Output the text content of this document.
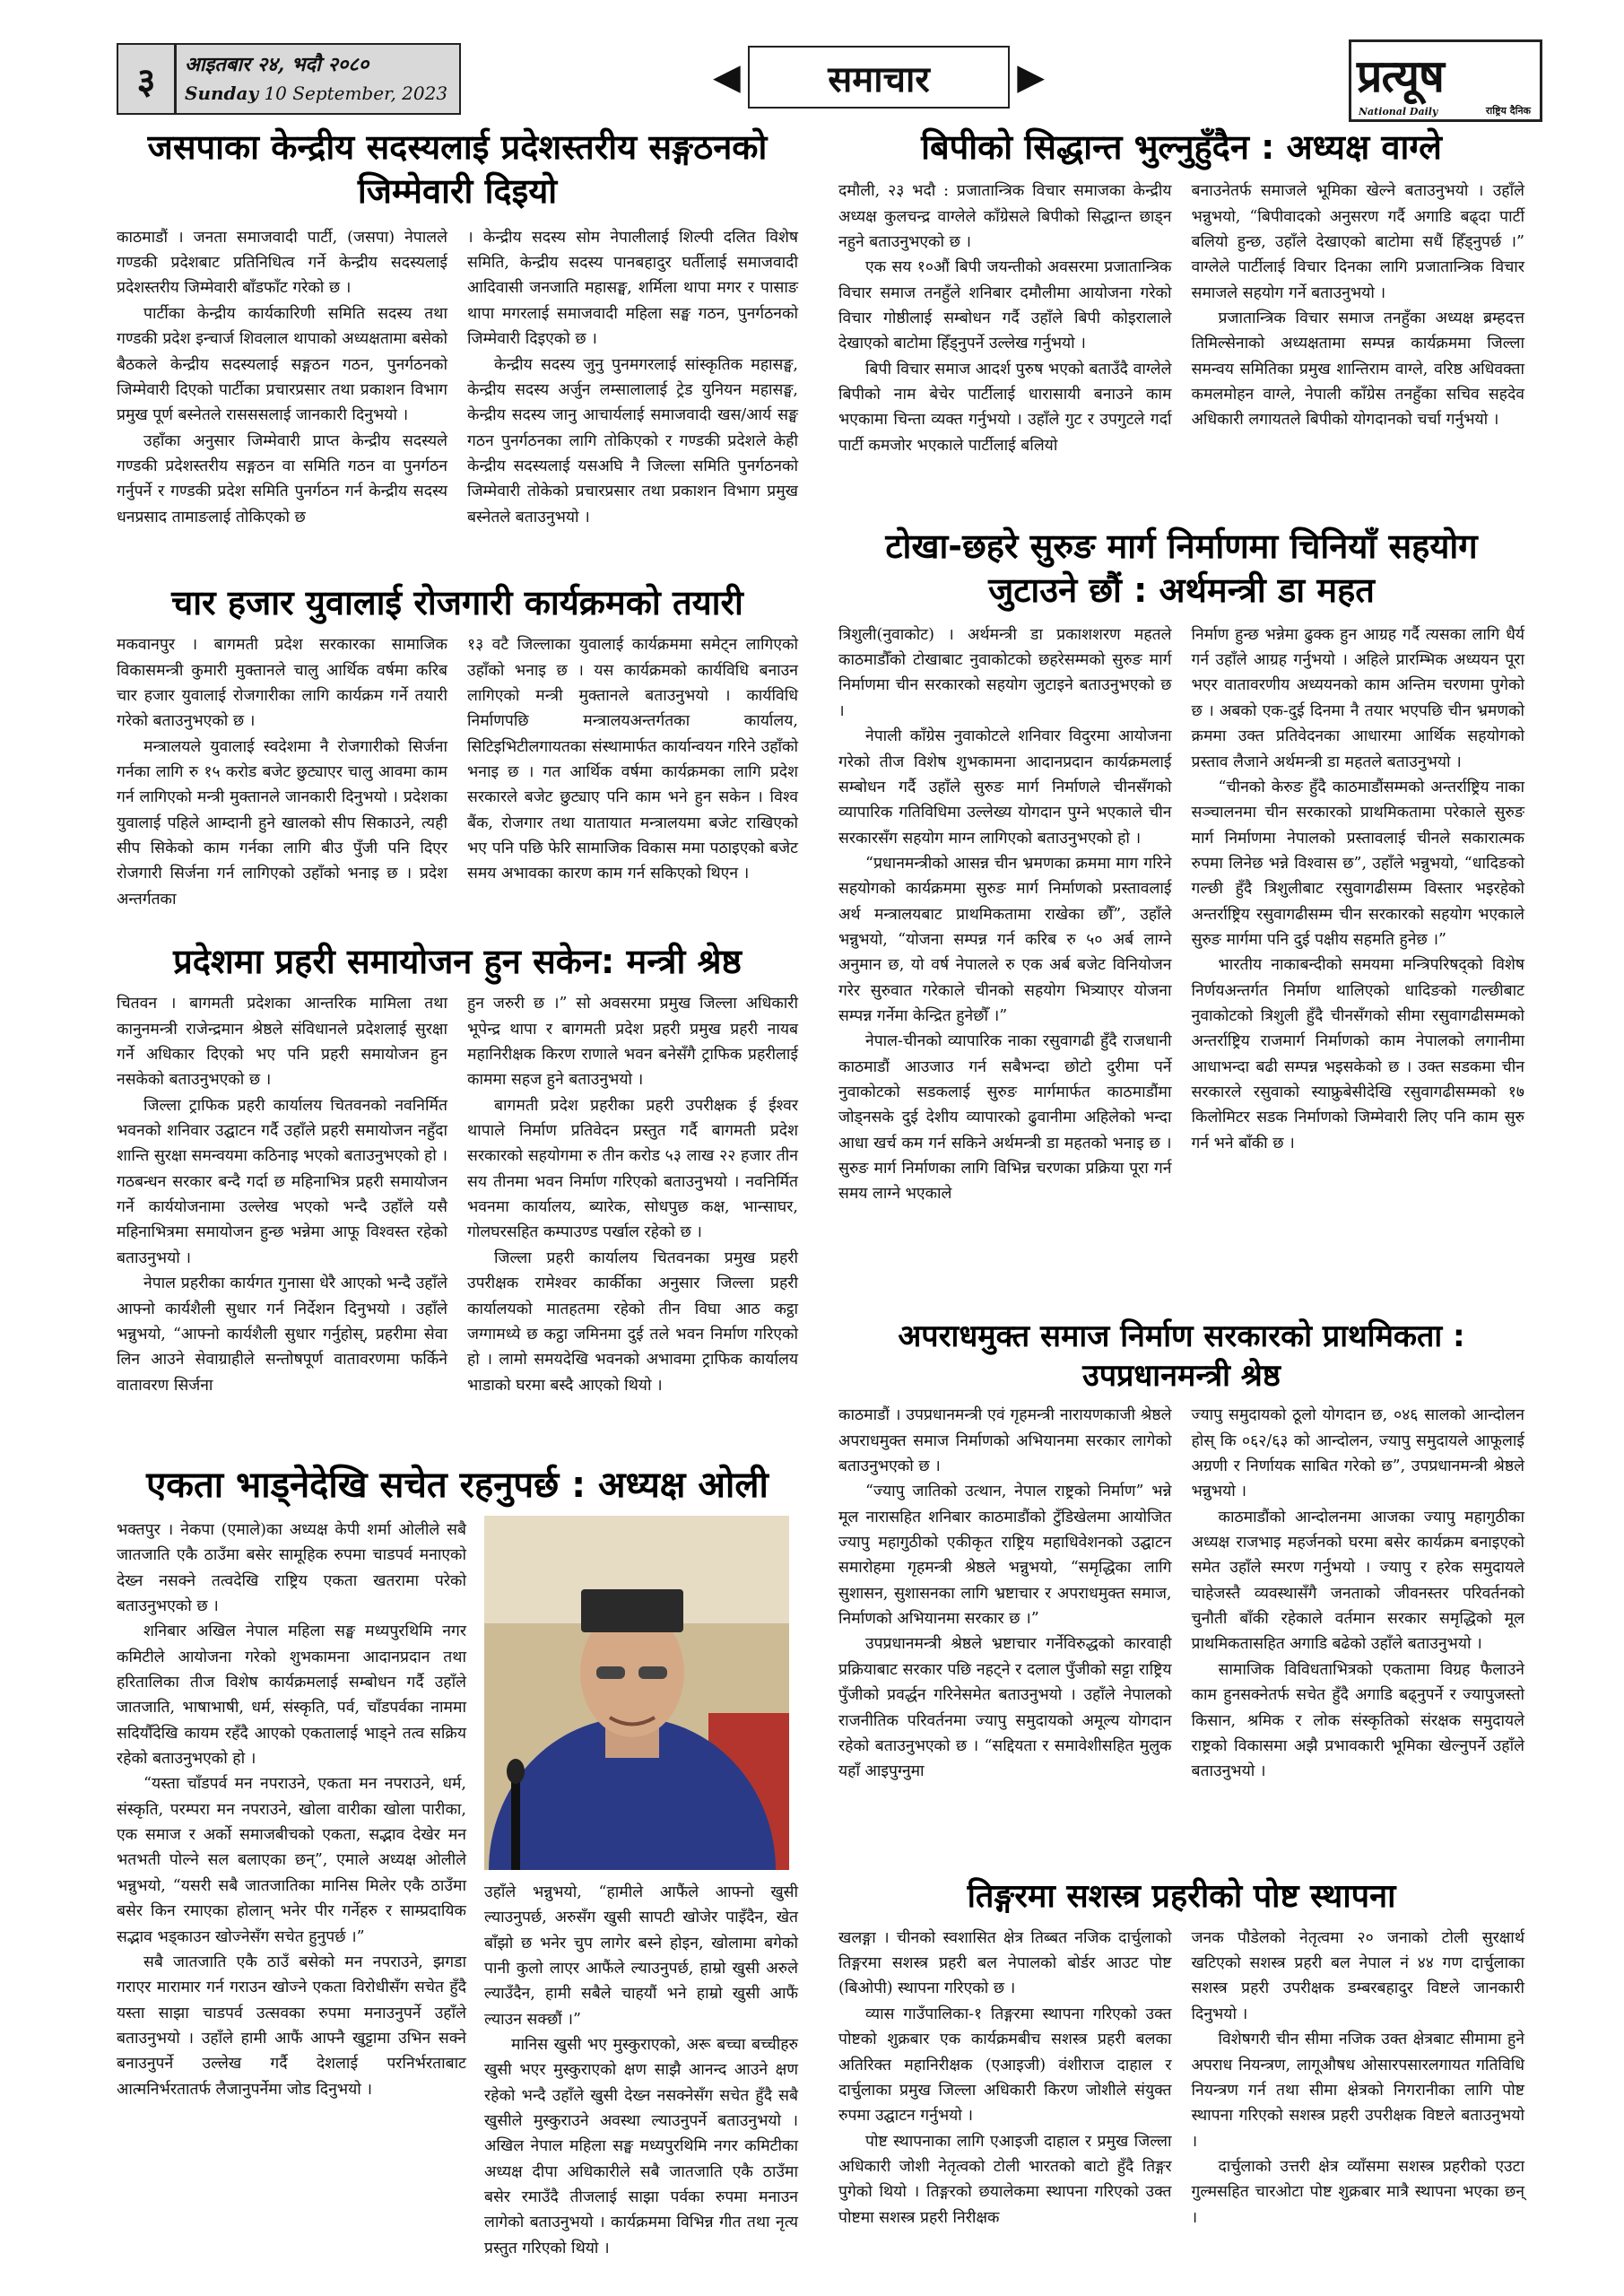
३	आइतबार २४, भदौ २०८०
Sunday 10 September, 2023	◀	समाचार	▶	प्रत्यूष
National Daily	राष्ट्रिय दैनिक
जसपाका केन्द्रीय सदस्यलाई प्रदेशस्तरीय सङ्गठनको
जिम्मेवारी दिइयो

काठमाडौं । जनता समाजवादी पार्टी, (जसपा) नेपालले गण्डकी प्रदेशबाट प्रतिनिधित्व गर्ने केन्द्रीय सदस्यलाई प्रदेशस्तरीय जिम्मेवारी बाँडफाँट गरेको छ ।

पार्टीका केन्द्रीय कार्यकारिणी समिति सदस्य तथा गण्डकी प्रदेश इन्चार्ज शिवलाल थापाको अध्यक्षतामा बसेको बैठकले केन्द्रीय सदस्यलाई सङ्गठन गठन, पुनर्गठनको जिम्मेवारी दिएको पार्टीका प्रचारप्रसार तथा प्रकाशन विभाग प्रमुख पूर्ण बस्नेतले रासससलाई जानकारी दिनुभयो ।

उहाँका अनुसार जिम्मेवारी प्राप्त केन्द्रीय सदस्यले गण्डकी प्रदेशस्तरीय सङ्गठन वा समिति गठन वा पुनर्गठन गर्नुपर्ने र गण्डकी प्रदेश समिति पुनर्गठन गर्न केन्द्रीय सदस्य धनप्रसाद तामाङलाई तोकिएको छ

। केन्द्रीय सदस्य सोम नेपालीलाई शिल्पी दलित विशेष समिति, केन्द्रीय सदस्य पानबहादुर घर्तीलाई समाजवादी आदिवासी जनजाति महासङ्घ, शर्मिला थापा मगर र पासाङ थापा मगरलाई समाजवादी महिला सङ्घ गठन, पुनर्गठनको जिम्मेवारी दिइएको छ ।

केन्द्रीय सदस्य जुनु पुनमगरलाई सांस्कृतिक महासङ्घ, केन्द्रीय सदस्य अर्जुन लम्सालालाई ट्रेड युनियन महासङ्घ, केन्द्रीय सदस्य जानु आचार्यलाई समाजवादी खस/आर्य सङ्घ गठन पुनर्गठनका लागि तोकिएको र गण्डकी प्रदेशले केही केन्द्रीय सदस्यलाई यसअघि नै जिल्ला समिति पुनर्गठनको जिम्मेवारी तोकेको प्रचारप्रसार तथा प्रकाशन विभाग प्रमुख बस्नेतले बताउनुभयो ।

चार हजार युवालाई रोजगारी कार्यक्रमको तयारी

मकवानपुर । बागमती प्रदेश सरकारका सामाजिक विकासमन्त्री कुमारी मुक्तानले चालु आर्थिक वर्षमा करिब चार हजार युवालाई रोजगारीका लागि कार्यक्रम गर्ने तयारी गरेको बताउनुभएको छ ।

मन्त्रालयले युवालाई स्वदेशमा नै रोजगारीको सिर्जना गर्नका लागि रु १५ करोड बजेट छुट्याएर चालु आवमा काम गर्न लागिएको मन्त्री मुक्तानले जानकारी दिनुभयो । प्रदेशका युवालाई पहिले आम्दानी हुने खालको सीप सिकाउने, त्यही सीप सिकेको काम गर्नका लागि बीउ पुँजी पनि दिएर रोजगारी सिर्जना गर्न लागिएको उहाँको भनाइ छ । प्रदेश अन्तर्गतका

१३ वटै जिल्लाका युवालाई कार्यक्रममा समेट्न लागिएको उहाँको भनाइ छ । यस कार्यक्रमको कार्यविधि बनाउन लागिएको मन्त्री मुक्तानले बताउनुभयो । कार्यविधि निर्माणपछि मन्त्रालयअन्तर्गतका कार्यालय, सिटिइभिटीलगायतका संस्थामार्फत कार्यान्वयन गरिने उहाँको भनाइ छ । गत आर्थिक वर्षमा कार्यक्रमका लागि प्रदेश सरकारले बजेट छुट्याए पनि काम भने हुन सकेन । विश्व बैंक, रोजगार तथा यातायात मन्त्रालयमा बजेट राखिएको भए पनि पछि फेरि सामाजिक विकास ममा पठाइएको बजेट समय अभावका कारण काम गर्न सकिएको थिएन ।

प्रदेशमा प्रहरी समायोजन हुन सकेन: मन्त्री श्रेष्ठ

चितवन । बागमती प्रदेशका आन्तरिक मामिला तथा कानुनमन्त्री राजेन्द्रमान श्रेष्ठले संविधानले प्रदेशलाई सुरक्षा गर्ने अधिकार दिएको भए पनि प्रहरी समायोजन हुन नसकेको बताउनुभएको छ ।

जिल्ला ट्राफिक प्रहरी कार्यालय चितवनको नवनिर्मित भवनको शनिवार उद्घाटन गर्दै उहाँले प्रहरी समायोजन नहुँदा शान्ति सुरक्षा समन्वयमा कठिनाइ भएको बताउनुभएको हो । गठबन्धन सरकार बन्दै गर्दा छ महिनाभित्र प्रहरी समायोजन गर्ने कार्ययोजनामा उल्लेख भएको भन्दै उहाँले यसै महिनाभित्रमा समायोजन हुन्छ भन्नेमा आफू विश्वस्त रहेको बताउनुभयो ।

नेपाल प्रहरीका कार्यगत गुनासा धेरै आएको भन्दै उहाँले आफ्नो कार्यशैली सुधार गर्न निर्देशन दिनुभयो । उहाँले भन्नुभयो, “आफ्नो कार्यशैली सुधार गर्नुहोस्, प्रहरीमा सेवा लिन आउने सेवाग्राहीले सन्तोषपूर्ण वातावरणमा फर्किने वातावरण सिर्जना

हुन जरुरी छ ।” सो अवसरमा प्रमुख जिल्ला अधिकारी भूपेन्द्र थापा र बागमती प्रदेश प्रहरी प्रमुख प्रहरी नायब महानिरीक्षक किरण राणाले भवन बनेसँगै ट्राफिक प्रहरीलाई काममा सहज हुने बताउनुभयो ।

बागमती प्रदेश प्रहरीका प्रहरी उपरीक्षक ई ईश्वर थापाले निर्माण प्रतिवेदन प्रस्तुत गर्दै बागमती प्रदेश सरकारको सहयोगमा रु तीन करोड ५३ लाख २२ हजार तीन सय तीनमा भवन निर्माण गरिएको बताउनुभयो । नवनिर्मित भवनमा कार्यालय, ब्यारेक, सोधपुछ कक्ष, भान्साघर, गोलघरसहित कम्पाउण्ड पर्खाल रहेको छ ।

जिल्ला प्रहरी कार्यालय चितवनका प्रमुख प्रहरी उपरीक्षक रामेश्वर कार्कीका अनुसार जिल्ला प्रहरी कार्यालयको मातहतमा रहेको तीन विघा आठ कट्ठा जग्गामध्ये छ कट्ठा जमिनमा दुई तले भवन निर्माण गरिएको हो । लामो समयदेखि भवनको अभावमा ट्राफिक कार्यालय भाडाको घरमा बस्दै आएको थियो ।

एकता भाड्नेदेखि सचेत रहनुपर्छ : अध्यक्ष ओली

भक्तपुर । नेकपा (एमाले)का अध्यक्ष केपी शर्मा ओलीले सबै जातजाति एकै ठाउँमा बसेर सामूहिक रुपमा चाडपर्व मनाएको देख्न नसक्ने तत्वदेखि राष्ट्रिय एकता खतरामा परेको बताउनुभएको छ ।

शनिबार अखिल नेपाल महिला सङ्घ मध्यपुरथिमि नगर कमिटीले आयोजना गरेको शुभकामना आदानप्रदान तथा हरितालिका तीज विशेष कार्यक्रमलाई सम्बोधन गर्दै उहाँले जातजाति, भाषाभाषी, धर्म, संस्कृति, पर्व, चाँडपर्वका नाममा सदियौँदेखि कायम रहँदै आएको एकतालाई भाड्ने तत्व सक्रिय रहेको बताउनुभएको हो ।

“यस्ता चाँडपर्व मन नपराउने, एकता मन नपराउने, धर्म, संस्कृति, परम्परा मन नपराउने, खोला वारीका खोला पारीका, एक समाज र अर्को समाजबीचको एकता, सद्भाव देखेर मन भतभती पोल्ने सल बलाएका छन्”, एमाले अध्यक्ष ओलीले भन्नुभयो, “यसरी सबै जातजातिका मानिस मिलेर एकै ठाउँमा बसेर किन रमाएका होलान् भनेर पीर गर्नेहरु र साम्प्रदायिक सद्भाव भड्काउन खोज्नेसँग सचेत हुनुपर्छ ।”

सबै जातजाति एकै ठाउँ बसेको मन नपराउने, झगडा गराएर मारामार गर्न गराउन खोज्ने एकता विरोधीसँग सचेत हुँदै यस्ता साझा चाडपर्व उत्सवका रुपमा मनाउनुपर्ने उहाँले बताउनुभयो । उहाँले हामी आफैं आफ्नै खुट्टामा उभिन सक्ने बनाउनुपर्ने उल्लेख गर्दै देशलाई परनिर्भरताबाट आत्मनिर्भरतातर्फ लैजानुपर्नेमा जोड दिनुभयो ।

उहाँले भन्नुभयो, “हामीले आफैंले आफ्नो खुसी ल्याउनुपर्छ, अरुसँग खुसी सापटी खोजेर पाइँदैन, खेत बाँझो छ भनेर चुप लागेर बस्ने होइन, खोलामा बगेको पानी कुलो लाएर आफैंले ल्याउनुपर्छ, हाम्रो खुसी अरुले ल्याउँदैन, हामी सबैले चाहयौं भने हाम्रो खुसी आफैं ल्याउन सक्छौं ।”

मानिस खुसी भए मुस्कुराएको, अरू बच्चा बच्चीहरु खुसी भएर मुस्कुराएको क्षण साझै आनन्द आउने क्षण रहेको भन्दै उहाँले खुसी देख्न नसक्नेसँग सचेत हुँदै सबै खुसीले मुस्कुराउने अवस्था ल्याउनुपर्ने बताउनुभयो । अखिल नेपाल महिला सङ्घ मध्यपुरथिमि नगर कमिटीका अध्यक्ष दीपा अधिकारीले सबै जातजाति एकै ठाउँमा बसेर रमाउँदै तीजलाई साझा पर्वका रुपमा मनाउन लागेको बताउनुभयो । कार्यक्रममा विभिन्न गीत तथा नृत्य प्रस्तुत गरिएको थियो ।

बिपीको सिद्धान्त भुल्नुहुँदैन : अध्यक्ष वाग्ले

दमौली, २३ भदौ : प्रजातान्त्रिक विचार समाजका केन्द्रीय अध्यक्ष कुलचन्द्र वाग्लेले काँग्रेसले बिपीको सिद्धान्त छाड्न नहुने बताउनुभएको छ ।

एक सय १०औं बिपी जयन्तीको अवसरमा प्रजातान्त्रिक विचार समाज तनहुँले शनिबार दमौलीमा आयोजना गरेको विचार गोष्ठीलाई सम्बोधन गर्दै उहाँले बिपी कोइरालाले देखाएको बाटोमा हिँड्नुपर्ने उल्लेख गर्नुभयो ।

बिपी विचार समाज आदर्श पुरुष भएको बताउँदै वाग्लेले बिपीको नाम बेचेर पार्टीलाई धारासायी बनाउने काम भएकामा चिन्ता व्यक्त गर्नुभयो । उहाँले गुट र उपगुटले गर्दा पार्टी कमजोर भएकाले पार्टीलाई बलियो

बनाउनेतर्फ समाजले भूमिका खेल्ने बताउनुभयो । उहाँले भन्नुभयो, “बिपीवादको अनुसरण गर्दै अगाडि बढ्दा पार्टी बलियो हुन्छ, उहाँले देखाएको बाटोमा सधैं हिँड्नुपर्छ ।” वाग्लेले पार्टीलाई विचार दिनका लागि प्रजातान्त्रिक विचार समाजले सहयोग गर्ने बताउनुभयो ।

प्रजातान्त्रिक विचार समाज तनहुँका अध्यक्ष ब्रम्हदत्त तिमिल्सेनाको अध्यक्षतामा सम्पन्न कार्यक्रममा जिल्ला समन्वय समितिका प्रमुख शान्तिराम वाग्ले, वरिष्ठ अधिवक्ता कमलमोहन वाग्ले, नेपाली काँग्रेस तनहुँका सचिव सहदेव अधिकारी लगायतले बिपीको योगदानको चर्चा गर्नुभयो ।

टोखा-छहरे सुरुङ मार्ग निर्माणमा चिनियाँ सहयोग
जुटाउने छौं : अर्थमन्त्री डा महत

त्रिशुली(नुवाकोट) । अर्थमन्त्री डा प्रकाशशरण महतले काठमाडौँको टोखाबाट नुवाकोटको छहरेसम्मको सुरुङ मार्ग निर्माणमा चीन सरकारको सहयोग जुटाइने बताउनुभएको छ ।

नेपाली काँग्रेस नुवाकोटले शनिवार विदुरमा आयोजना गरेको तीज विशेष शुभकामना आदानप्रदान कार्यक्रमलाई सम्बोधन गर्दै उहाँले सुरुङ मार्ग निर्माणले चीनसँगको व्यापारिक गतिविधिमा उल्लेख्य योगदान पुग्ने भएकाले चीन सरकारसँग सहयोग माग्न लागिएको बताउनुभएको हो ।

“प्रधानमन्त्रीको आसन्न चीन भ्रमणका क्रममा माग गरिने सहयोगको कार्यक्रममा सुरुङ मार्ग निर्माणको प्रस्तावलाई अर्थ मन्त्रालयबाट प्राथमिकतामा राखेका छौँ”, उहाँले भन्नुभयो, “योजना सम्पन्न गर्न करिब रु ५० अर्ब लाग्ने अनुमान छ, यो वर्ष नेपालले रु एक अर्ब बजेट विनियोजन गरेर सुरुवात गरेकाले चीनको सहयोग भित्र्याएर योजना सम्पन्न गर्नेमा केन्द्रित हुनेछौँ ।”

नेपाल-चीनको व्यापारिक नाका रसुवागढी हुँदै राजधानी काठमाडौं आउजाउ गर्न सबैभन्दा छोटो दुरीमा पर्ने नुवाकोटको सडकलाई सुरुङ मार्गमार्फत काठमाडौंमा जोड्नसके दुई देशीय व्यापारको ढुवानीमा अहिलेको भन्दा आधा खर्च कम गर्न सकिने अर्थमन्त्री डा महतको भनाइ छ । सुरुङ मार्ग निर्माणका लागि विभिन्न चरणका प्रक्रिया पूरा गर्न समय लाग्ने भएकाले

निर्माण हुन्छ भन्नेमा ढुक्क हुन आग्रह गर्दै त्यसका लागि धैर्य गर्न उहाँले आग्रह गर्नुभयो । अहिले प्रारम्भिक अध्ययन पूरा भएर वातावरणीय अध्ययनको काम अन्तिम चरणमा पुगेको छ । अबको एक-दुई दिनमा नै तयार भएपछि चीन भ्रमणको क्रममा उक्त प्रतिवेदनका आधारमा आर्थिक सहयोगको प्रस्ताव लैजाने अर्थमन्त्री डा महतले बताउनुभयो ।

“चीनको केरुङ हुँदै काठमाडौंसम्मको अन्तर्राष्ट्रिय नाका सञ्चालनमा चीन सरकारको प्राथमिकतामा परेकाले सुरुङ मार्ग निर्माणमा नेपालको प्रस्तावलाई चीनले सकारात्मक रुपमा लिनेछ भन्ने विश्वास छ”, उहाँले भन्नुभयो, “धादिङको गल्छी हुँदै त्रिशुलीबाट रसुवागढीसम्म विस्तार भइरहेको अन्तर्राष्ट्रिय रसुवागढीसम्म चीन सरकारको सहयोग भएकाले सुरुङ मार्गमा पनि दुई पक्षीय सहमति हुनेछ ।”

भारतीय नाकाबन्दीको समयमा मन्त्रिपरिषद्को विशेष निर्णयअन्तर्गत निर्माण थालिएको धादिङको गल्छीबाट नुवाकोटको त्रिशुली हुँदै चीनसँगको सीमा रसुवागढीसम्मको अन्तर्राष्ट्रिय राजमार्ग निर्माणको काम नेपालको लगानीमा आधाभन्दा बढी सम्पन्न भइसकेको छ । उक्त सडकमा चीन सरकारले रसुवाको स्याफ्रुबेसीदेखि रसुवागढीसम्मको १७ किलोमिटर सडक निर्माणको जिम्मेवारी लिए पनि काम सुरु गर्न भने बाँकी छ ।

अपराधमुक्त समाज निर्माण सरकारको प्राथमिकता :
उपप्रधानमन्त्री श्रेष्ठ

काठमाडौं । उपप्रधानमन्त्री एवं गृहमन्त्री नारायणकाजी श्रेष्ठले अपराधमुक्त समाज निर्माणको अभियानमा सरकार लागेको बताउनुभएको छ ।

“ज्यापु जातिको उत्थान, नेपाल राष्ट्रको निर्माण” भन्ने मूल नारासहित शनिबार काठमाडौंको टुँडिखेलमा आयोजित ज्यापु महागुठीको एकीकृत राष्ट्रिय महाधिवेशनको उद्घाटन समारोहमा गृहमन्त्री श्रेष्ठले भन्नुभयो, “समृद्धिका लागि सुशासन, सुशासनका लागि भ्रष्टाचार र अपराधमुक्त समाज, निर्माणको अभियानमा सरकार छ ।”

उपप्रधानमन्त्री श्रेष्ठले भ्रष्टाचार गर्नेविरुद्धको कारवाही प्रक्रियाबाट सरकार पछि नहट्ने र दलाल पुँजीको सट्टा राष्ट्रिय पुँजीको प्रवर्द्धन गरिनेसमेत बताउनुभयो । उहाँले नेपालको राजनीतिक परिवर्तनमा ज्यापु समुदायको अमूल्य योगदान रहेको बताउनुभएको छ । “सद्दियता र समावेशीसहित मुलुक यहाँ आइपुग्नुमा

ज्यापु समुदायको ठूलो योगदान छ, ०४६ सालको आन्दोलन होस् कि ०६२/६३ को आन्दोलन, ज्यापु समुदायले आफूलाई अग्रणी र निर्णायक साबित गरेको छ”, उपप्रधानमन्त्री श्रेष्ठले भन्नुभयो ।

काठमाडौंको आन्दोलनमा आजका ज्यापु महागुठीका अध्यक्ष राजभाइ महर्जनको घरमा बसेर कार्यक्रम बनाइएको समेत उहाँले स्मरण गर्नुभयो । ज्यापु र हरेक समुदायले चाहेजस्तै व्यवस्थासँगै जनताको जीवनस्तर परिवर्तनको चुनौती बाँकी रहेकाले वर्तमान सरकार समृद्धिको मूल प्राथमिकतासहित अगाडि बढेको उहाँले बताउनुभयो ।

सामाजिक विविधताभित्रको एकतामा विग्रह फैलाउने काम हुनसक्नेतर्फ सचेत हुँदै अगाडि बढ्नुपर्ने र ज्यापुजस्तो किसान, श्रमिक र लोक संस्कृतिको संरक्षक समुदायले राष्ट्रको विकासमा अझै प्रभावकारी भूमिका खेल्नुपर्ने उहाँले बताउनुभयो ।

तिङ्गरमा सशस्त्र प्रहरीको पोष्ट स्थापना

खलङ्गा । चीनको स्वशासित क्षेत्र तिब्बत नजिक दार्चुलाको तिङ्गरमा सशस्त्र प्रहरी बल नेपालको बोर्डर आउट पोष्ट (बिओपी) स्थापना गरिएको छ ।

व्यास गाउँपालिका-१ तिङ्गरमा स्थापना गरिएको उक्त पोष्टको शुक्रबार एक कार्यक्रमबीच सशस्त्र प्रहरी बलका अतिरिक्त महानिरीक्षक (एआइजी) वंशीराज दाहाल र दार्चुलाका प्रमुख जिल्ला अधिकारी किरण जोशीले संयुक्त रुपमा उद्घाटन गर्नुभयो ।

पोष्ट स्थापनाका लागि एआइजी दाहाल र प्रमुख जिल्ला अधिकारी जोशी नेतृत्वको टोली भारतको बाटो हुँदै तिङ्गर पुगेको थियो । तिङ्गरको छयालेकमा स्थापना गरिएको उक्त पोष्टमा सशस्त्र प्रहरी निरीक्षक

जनक पौडेलको नेतृत्वमा २० जनाको टोली सुरक्षार्थ खटिएको सशस्त्र प्रहरी बल नेपाल नं ४४ गण दार्चुलाका सशस्त्र प्रहरी उपरीक्षक डम्बरबहादुर विष्टले जानकारी दिनुभयो ।

विशेषगरी चीन सीमा नजिक उक्त क्षेत्रबाट सीमामा हुने अपराध नियन्त्रण, लागूऔषध ओसारपसारलगायत गतिविधि नियन्त्रण गर्न तथा सीमा क्षेत्रको निगरानीका लागि पोष्ट स्थापना गरिएको सशस्त्र प्रहरी उपरीक्षक विष्टले बताउनुभयो ।

दार्चुलाको उत्तरी क्षेत्र व्याँसमा सशस्त्र प्रहरीको एउटा गुल्मसहित चारओटा पोष्ट शुक्रबार मात्रै स्थापना भएका छन् ।
